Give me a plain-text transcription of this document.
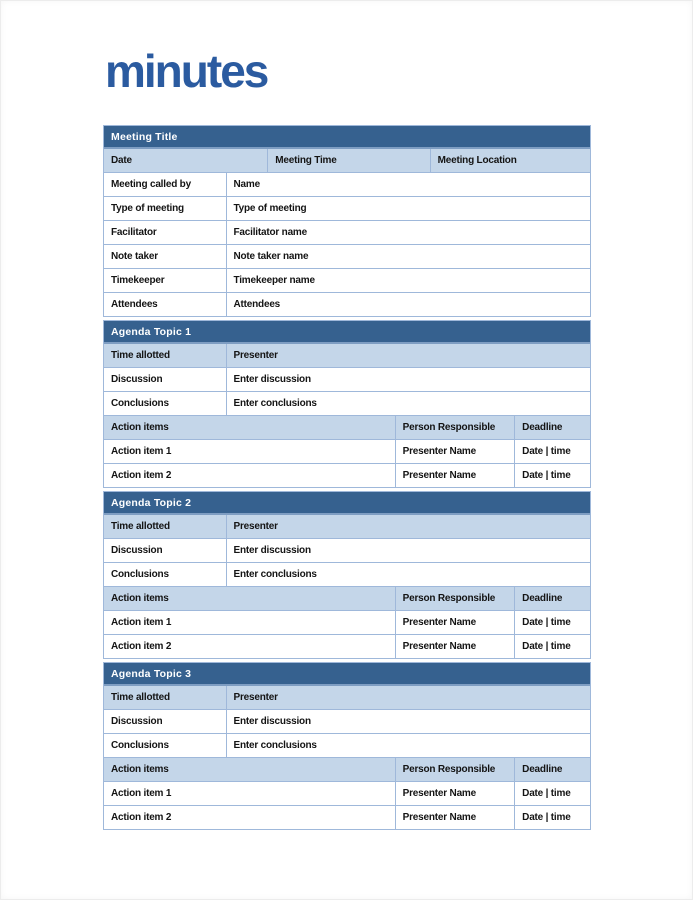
minutes
Meeting Title
Date	Meeting Time	Meeting Location
Meeting called by	Name
Type of meeting	Type of meeting
Facilitator	Facilitator name
Note taker	Note taker name
Timekeeper	Timekeeper name
Attendees	Attendees
Agenda Topic 1
Time allotted	Presenter
Discussion	Enter discussion
Conclusions	Enter conclusions
Action items	Person Responsible	Deadline
Action item 1	Presenter Name	Date | time
Action item 2	Presenter Name	Date | time
Agenda Topic 2
Time allotted	Presenter
Discussion	Enter discussion
Conclusions	Enter conclusions
Action items	Person Responsible	Deadline
Action item 1	Presenter Name	Date | time
Action item 2	Presenter Name	Date | time
Agenda Topic 3
Time allotted	Presenter
Discussion	Enter discussion
Conclusions	Enter conclusions
Action items	Person Responsible	Deadline
Action item 1	Presenter Name	Date | time
Action item 2	Presenter Name	Date | time
